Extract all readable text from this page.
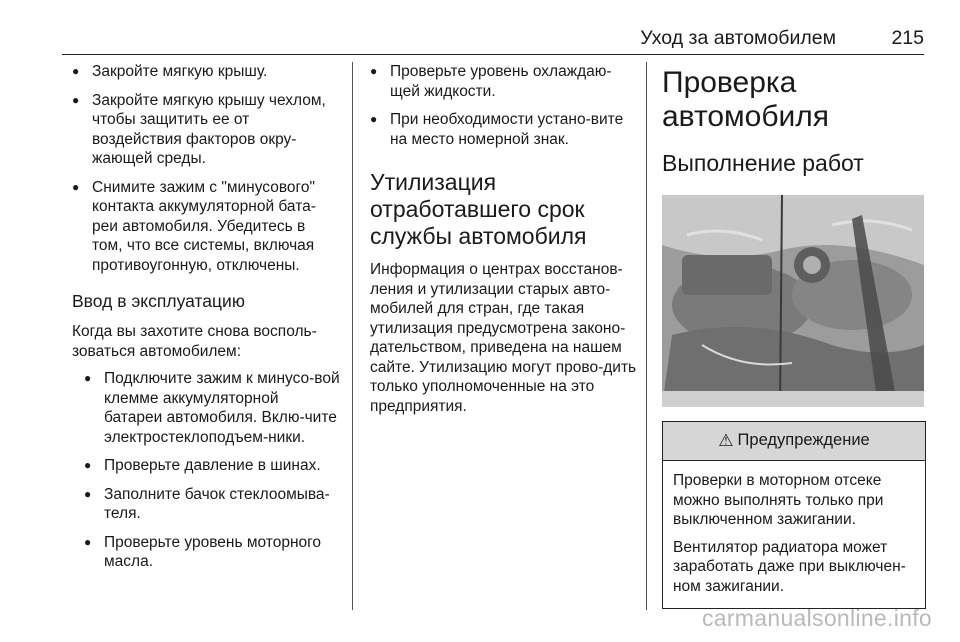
Уход за автомобилем	215
● Закройте мягкую крышу.
● Закройте мягкую крышу чехлом, чтобы защитить ее от воздействия факторов окру-жающей среды.
● Снимите зажим с "минусового" контакта аккумуляторной бата-реи автомобиля. Убедитесь в том, что все системы, включая противоугонную, отключены.
Ввод в эксплуатацию

Когда вы захотите снова восполь-зоваться автомобилем:

● Подключите зажим к минусо-вой клемме аккумуляторной батареи автомобиля. Вклю-чите электростеклоподъем-ники.
● Проверьте давление в шинах.
● Заполните бачок стеклоомыва-теля.
● Проверьте уровень моторного масла.
● Проверьте уровень охлаждаю-щей жидкости.
● При необходимости устано-вите на место номерной знак.
Утилизация отработавшего срок службы автомобиля

Информация о центрах восстанов-ления и утилизации старых авто-мобилей для стран, где такая утилизация предусмотрена законо-дательством, приведена на нашем сайте. Утилизацию могут прово-дить только уполномоченные на это предприятия.

Проверка автомобиля
Выполнение работ
⚠ Предупреждение

Проверки в моторном отсеке можно выполнять только при выключенном зажигании.

Вентилятор радиатора может заработать даже при выключен-ном зажигании.

carmanualsonline.info
